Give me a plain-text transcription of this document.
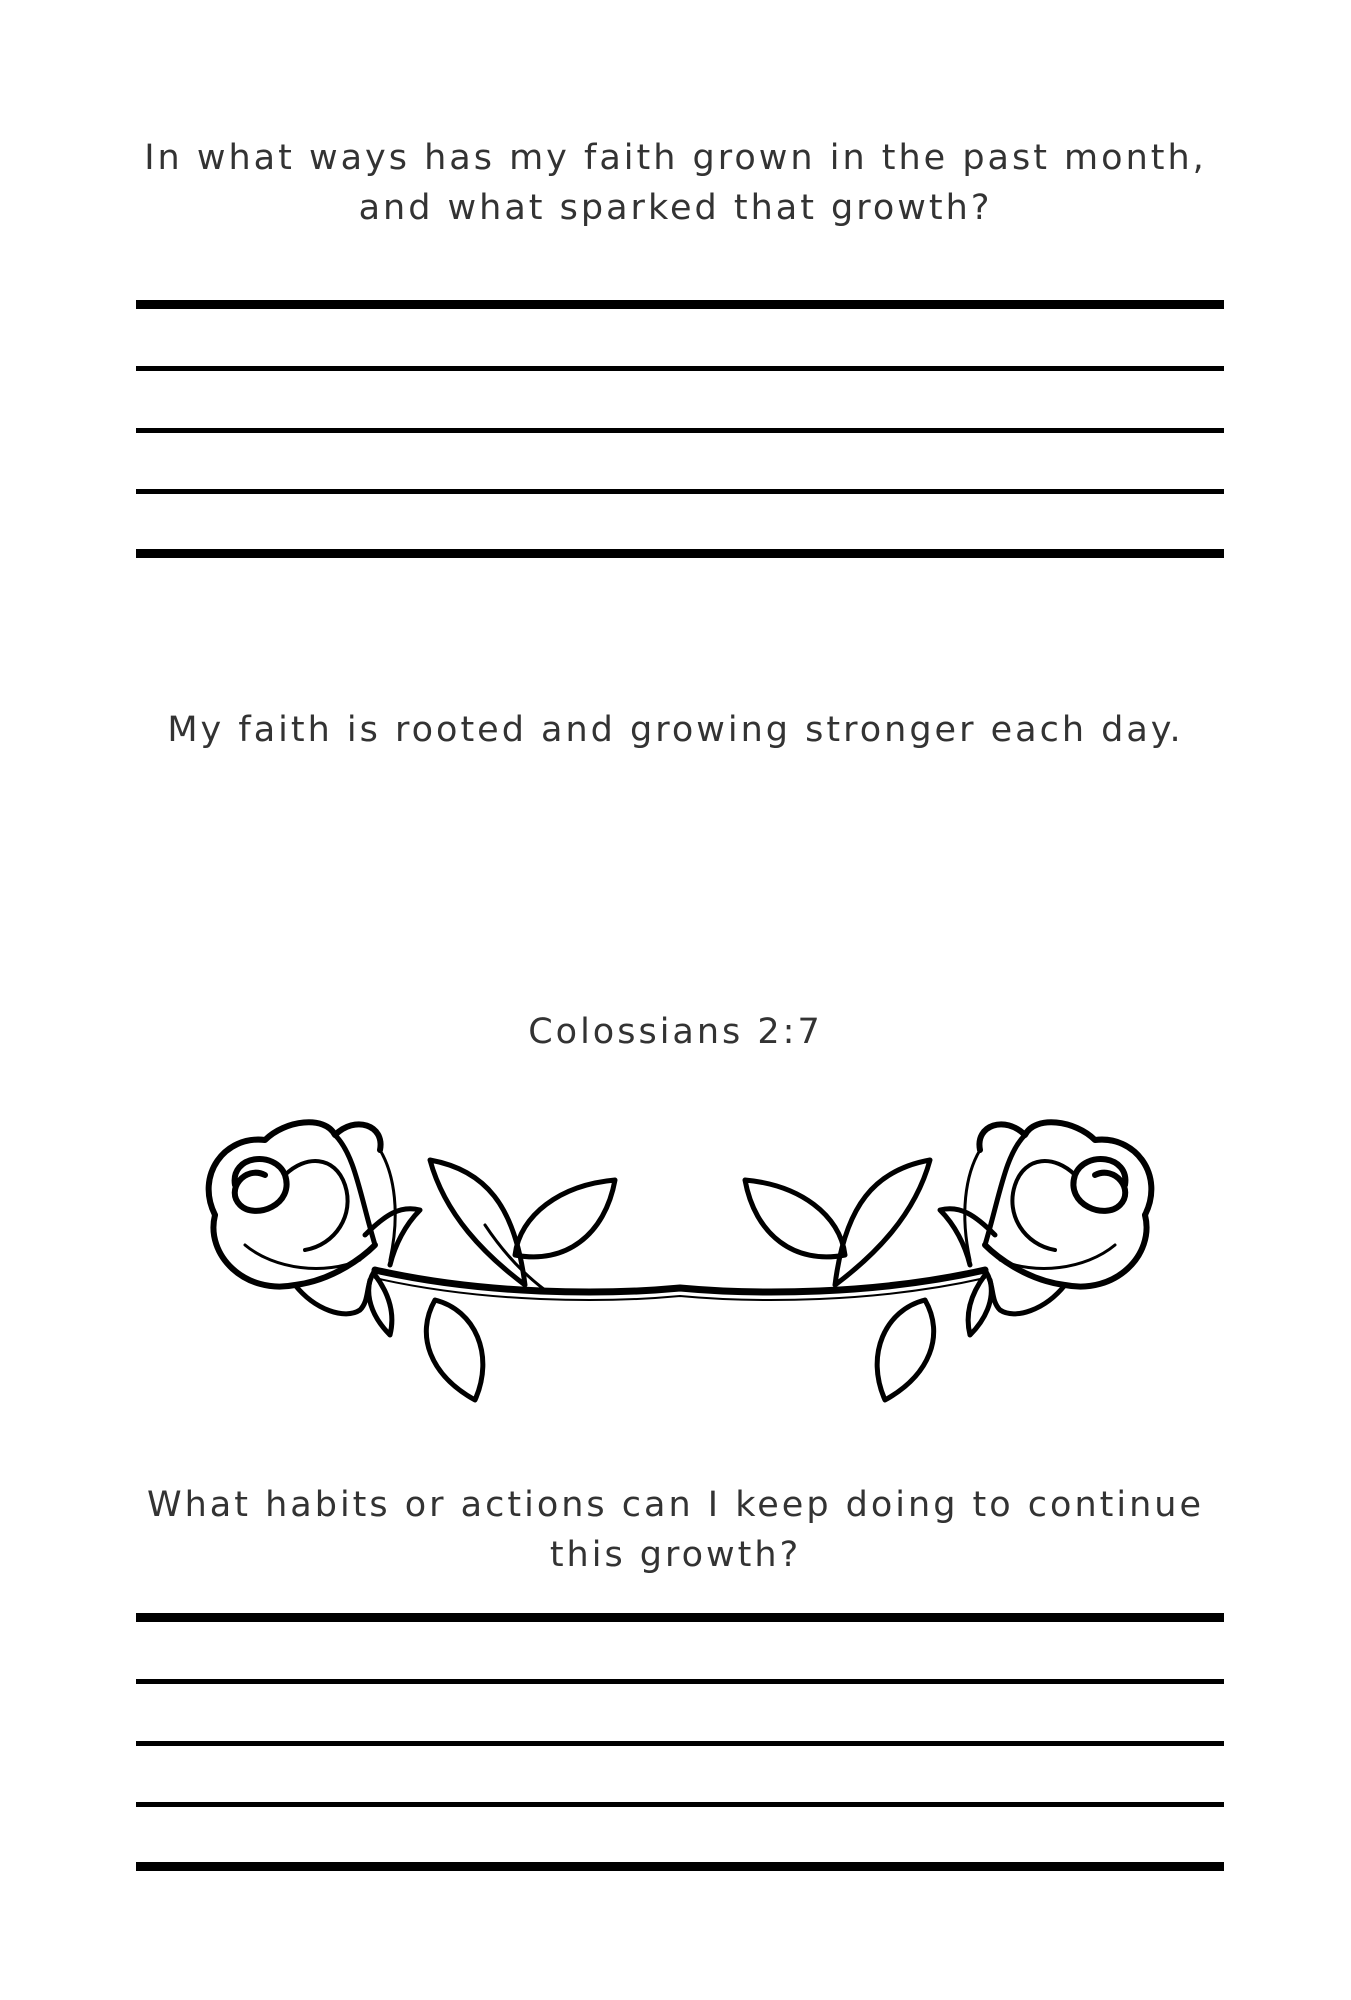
In what ways has my faith grown in the past month, and what sparked that growth?

My faith is rooted and growing stronger each day.

Colossians 2:7

What habits or actions can I keep doing to continue this growth?
